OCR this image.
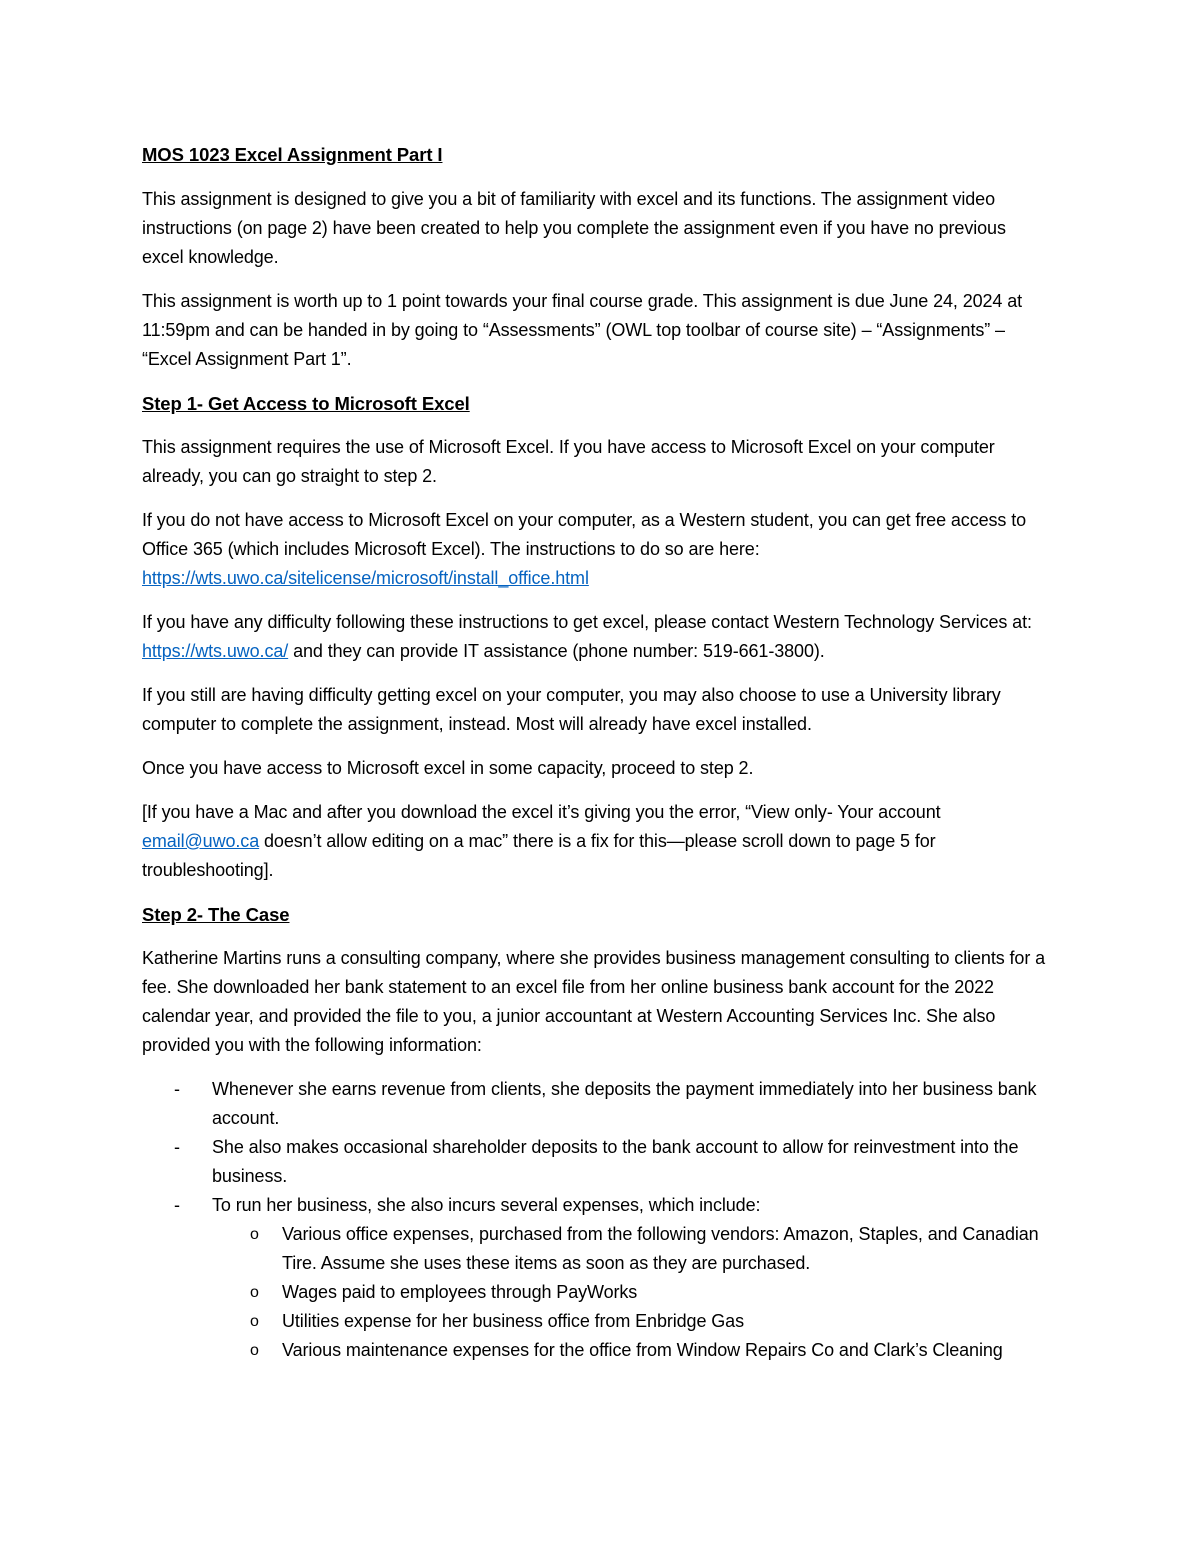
MOS 1023 Excel Assignment Part I

This assignment is designed to give you a bit of familiarity with excel and its functions. The assignment video instructions (on page 2) have been created to help you complete the assignment even if you have no previous excel knowledge.

This assignment is worth up to 1 point towards your final course grade. This assignment is due June 24, 2024 at 11:59pm and can be handed in by going to “Assessments” (OWL top toolbar of course site) – “Assignments” – “Excel Assignment Part 1”.

Step 1- Get Access to Microsoft Excel

This assignment requires the use of Microsoft Excel. If you have access to Microsoft Excel on your computer already, you can go straight to step 2.

If you do not have access to Microsoft Excel on your computer, as a Western student, you can get free access to Office 365 (which includes Microsoft Excel). The instructions to do so are here:
https://wts.uwo.ca/sitelicense/microsoft/install_office.html

If you have any difficulty following these instructions to get excel, please contact Western Technology Services at: https://wts.uwo.ca/ and they can provide IT assistance (phone number: 519-661-3800).

If you still are having difficulty getting excel on your computer, you may also choose to use a University library computer to complete the assignment, instead. Most will already have excel installed.

Once you have access to Microsoft excel in some capacity, proceed to step 2.

[If you have a Mac and after you download the excel it’s giving you the error, “View only- Your account email@uwo.ca doesn’t allow editing on a mac” there is a fix for this—please scroll down to page 5 for troubleshooting].

Step 2- The Case

Katherine Martins runs a consulting company, where she provides business management consulting to clients for a fee. She downloaded her bank statement to an excel file from her online business bank account for the 2022 calendar year, and provided the file to you, a junior accountant at Western Accounting Services Inc. She also provided you with the following information:

- Whenever she earns revenue from clients, she deposits the payment immediately into her business bank account.
- She also makes occasional shareholder deposits to the bank account to allow for reinvestment into the business.
- To run her business, she also incurs several expenses, which include:
o Various office expenses, purchased from the following vendors: Amazon, Staples, and Canadian Tire. Assume she uses these items as soon as they are purchased.
o Wages paid to employees through PayWorks
o Utilities expense for her business office from Enbridge Gas
o Various maintenance expenses for the office from Window Repairs Co and Clark’s Cleaning
